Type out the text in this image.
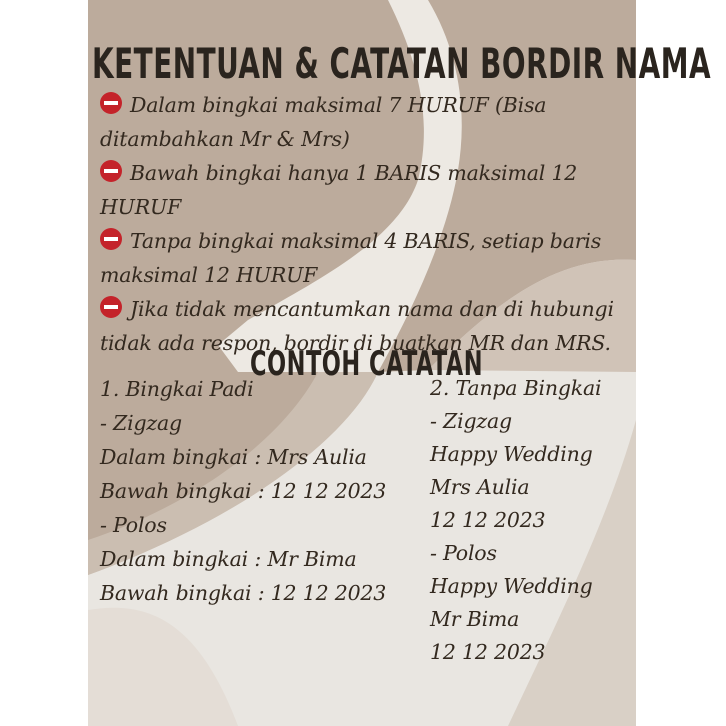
KETENTUAN & CATATAN BORDIR NAMA
Dalam bingkai maksimal 7 HURUF (Bisa ditambahkan Mr & Mrs)
Bawah bingkai hanya 1 BARIS maksimal 12 HURUF
Tanpa bingkai maksimal 4 BARIS, setiap baris maksimal 12 HURUF
Jika tidak mencantumkan nama dan di hubungi tidak ada respon, bordir di buatkan MR dan MRS.
CONTOH CATATAN
1. Bingkai Padi
- Zigzag
Dalam bingkai : Mrs Aulia
Bawah bingkai : 12 12 2023
- Polos
Dalam bingkai : Mr Bima
Bawah bingkai : 12 12 2023
2. Tanpa Bingkai
- Zigzag
Happy Wedding
Mrs Aulia
12 12 2023
- Polos
Happy Wedding
Mr Bima
12 12 2023
